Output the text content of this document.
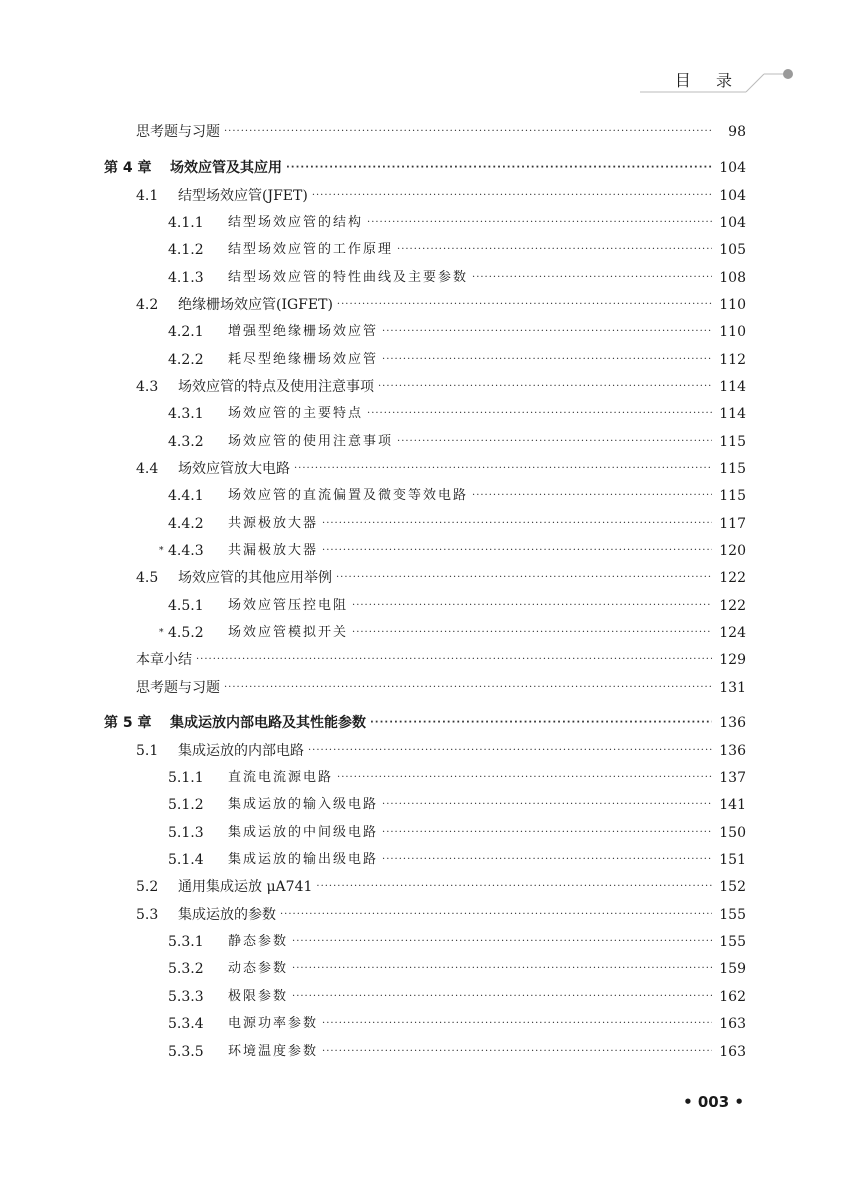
目 录
思考题与习题 ·····	98
第 4 章	场效应管及其应用 ·····	104
4.1	结型场效应管(JFET) ·····	104
4.1.1	结型场效应管的结构 ·····	104
4.1.2	结型场效应管的工作原理 ·····	105
4.1.3	结型场效应管的特性曲线及主要参数 ·····	108
4.2	绝缘栅场效应管(IGFET) ·····	110
4.2.1	增强型绝缘栅场效应管 ·····	110
4.2.2	耗尽型绝缘栅场效应管 ·····	112
4.3	场效应管的特点及使用注意事项 ·····	114
4.3.1	场效应管的主要特点 ·····	114
4.3.2	场效应管的使用注意事项 ·····	115
4.4	场效应管放大电路 ·····	115
4.4.1	场效应管的直流偏置及微变等效电路 ·····	115
4.4.2	共源极放大器 ·····	117
* 4.4.3	共漏极放大器 ·····	120
4.5	场效应管的其他应用举例 ·····	122
4.5.1	场效应管压控电阻 ·····	122
* 4.5.2	场效应管模拟开关 ·····	124
本章小结 ·····	129
思考题与习题 ·····	131
第 5 章	集成运放内部电路及其性能参数 ·····	136
5.1	集成运放的内部电路 ·····	136
5.1.1	直流电流源电路 ·····	137
5.1.2	集成运放的输入级电路 ·····	141
5.1.3	集成运放的中间级电路 ·····	150
5.1.4	集成运放的输出级电路 ·····	151
5.2	通用集成运放 μA741 ·····	152
5.3	集成运放的参数 ·····	155
5.3.1	静态参数 ·····	155
5.3.2	动态参数 ·····	159
5.3.3	极限参数 ·····	162
5.3.4	电源功率参数 ·····	163
5.3.5	环境温度参数 ·····	163
• 003 •
